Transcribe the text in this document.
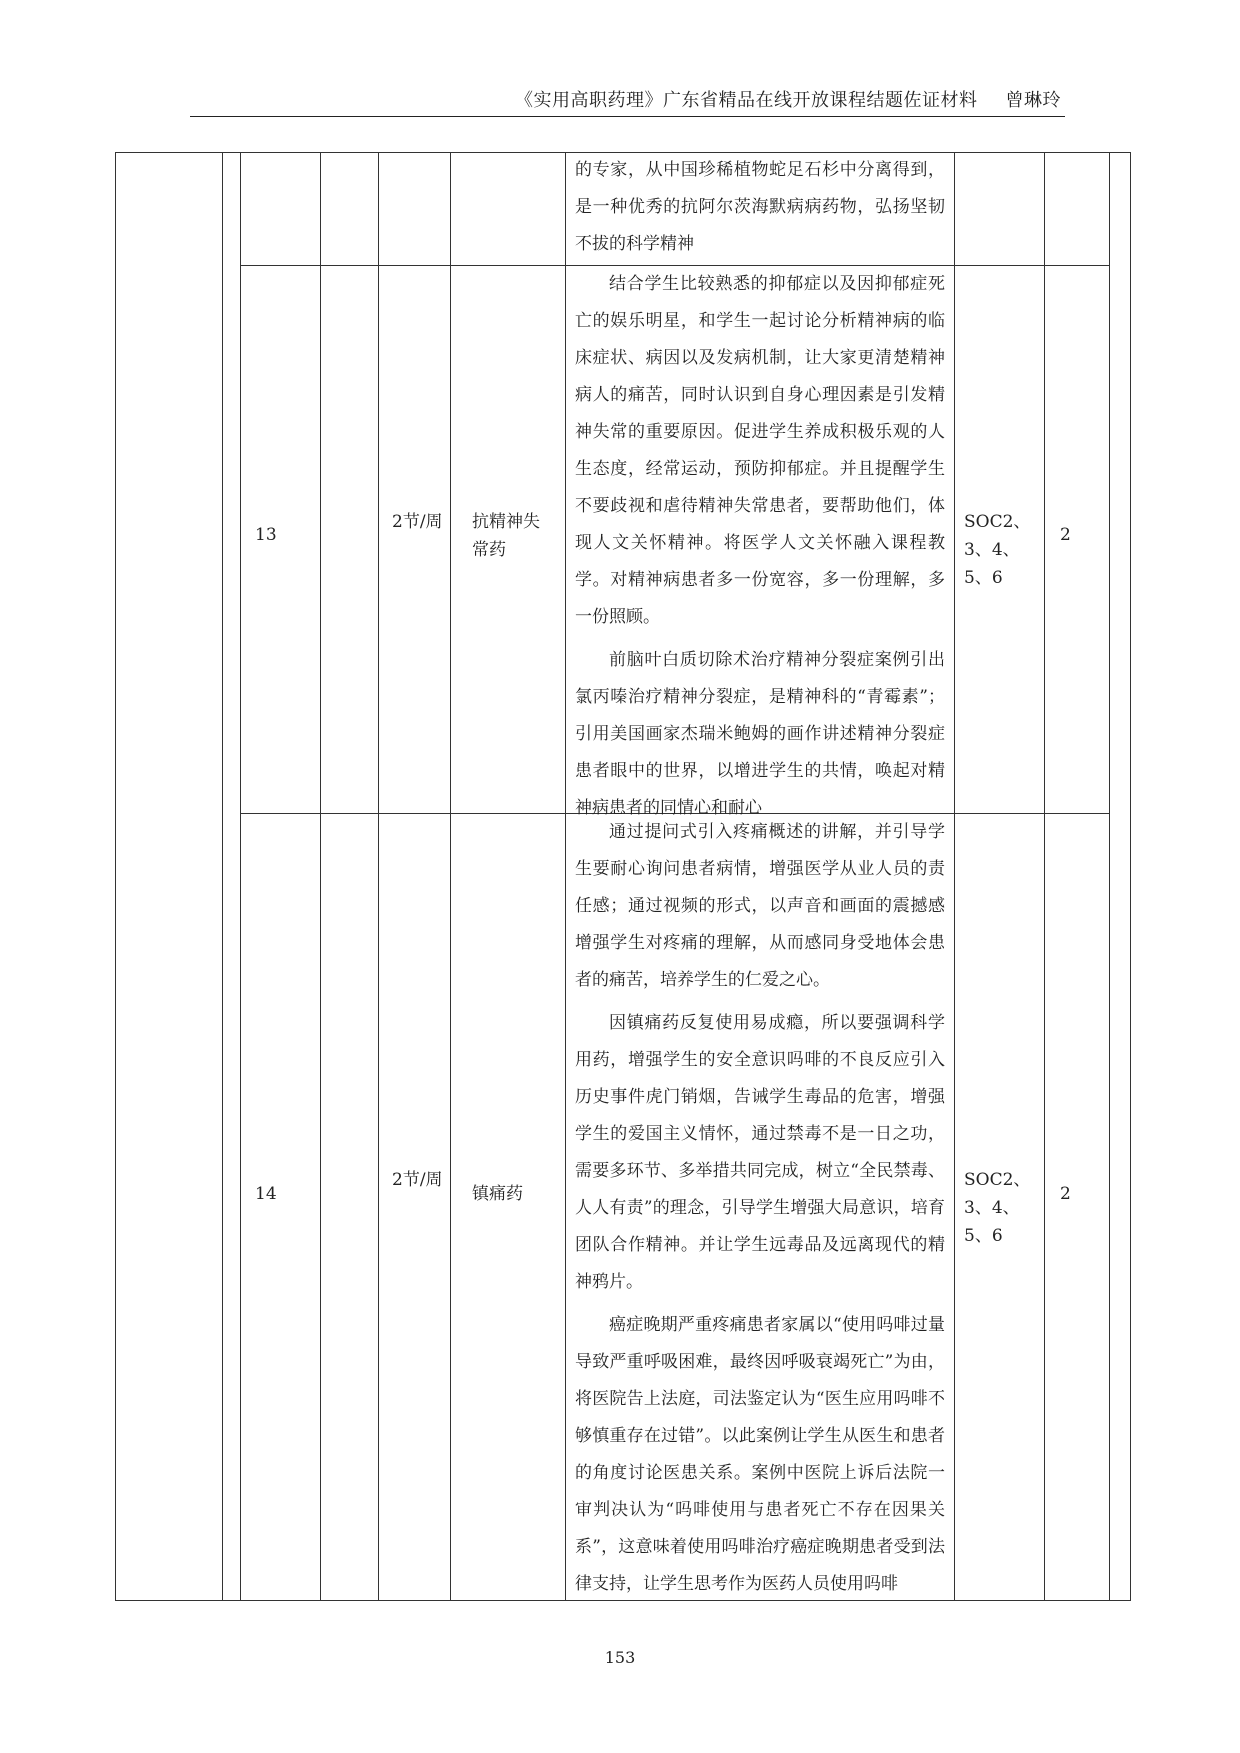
《实用高职药理》广东省精品在线开放课程结题佐证材料 曾琳玲

的专家，从中国珍稀植物蛇足石杉中分离得到，是一种优秀的抗阿尔茨海默病病药物，弘扬坚韧不拔的科学精神

13
2节/周 抗精神失常药

结合学生比较熟悉的抑郁症以及因抑郁症死亡的娱乐明星，和学生一起讨论分析精神病的临床症状、病因以及发病机制，让大家更清楚精神病人的痛苦，同时认识到自身心理因素是引发精神失常的重要原因。促进学生养成积极乐观的人生态度，经常运动，预防抑郁症。并且提醒学生不要歧视和虐待精神失常患者，要帮助他们，体现人文关怀精神。将医学人文关怀融入课程教学。对精神病患者多一份宽容，多一份理解，多一份照顾。

前脑叶白质切除术治疗精神分裂症案例引出氯丙嗪治疗精神分裂症，是精神科的“青霉素”；引用美国画家杰瑞米鲍姆的画作讲述精神分裂症患者眼中的世界，以增进学生的共情，唤起对精神病患者的同情心和耐心

SOC2、3、4、5、6
2
14
2节/周
镇痛药

通过提问式引入疼痛概述的讲解，并引导学生要耐心询问患者病情，增强医学从业人员的责任感；通过视频的形式，以声音和画面的震撼感增强学生对疼痛的理解，从而感同身受地体会患者的痛苦，培养学生的仁爱之心。

因镇痛药反复使用易成瘾，所以要强调科学用药，增强学生的安全意识吗啡的不良反应引入历史事件虎门销烟，告诫学生毒品的危害，增强学生的爱国主义情怀，通过禁毒不是一日之功，需要多环节、多举措共同完成，树立“全民禁毒、人人有责”的理念，引导学生增强大局意识，培育团队合作精神。并让学生远毒品及远离现代的精神鸦片。

癌症晚期严重疼痛患者家属以“使用吗啡过量导致严重呼吸困难，最终因呼吸衰竭死亡”为由，将医院告上法庭，司法鉴定认为“医生应用吗啡不够慎重存在过错”。以此案例让学生从医生和患者的角度讨论医患关系。案例中医院上诉后法院一审判决认为“吗啡使用与患者死亡不存在因果关系”，这意味着使用吗啡治疗癌症晚期患者受到法律支持，让学生思考作为医药人员使用吗啡

SOC2、3、4、5、6
2
153
